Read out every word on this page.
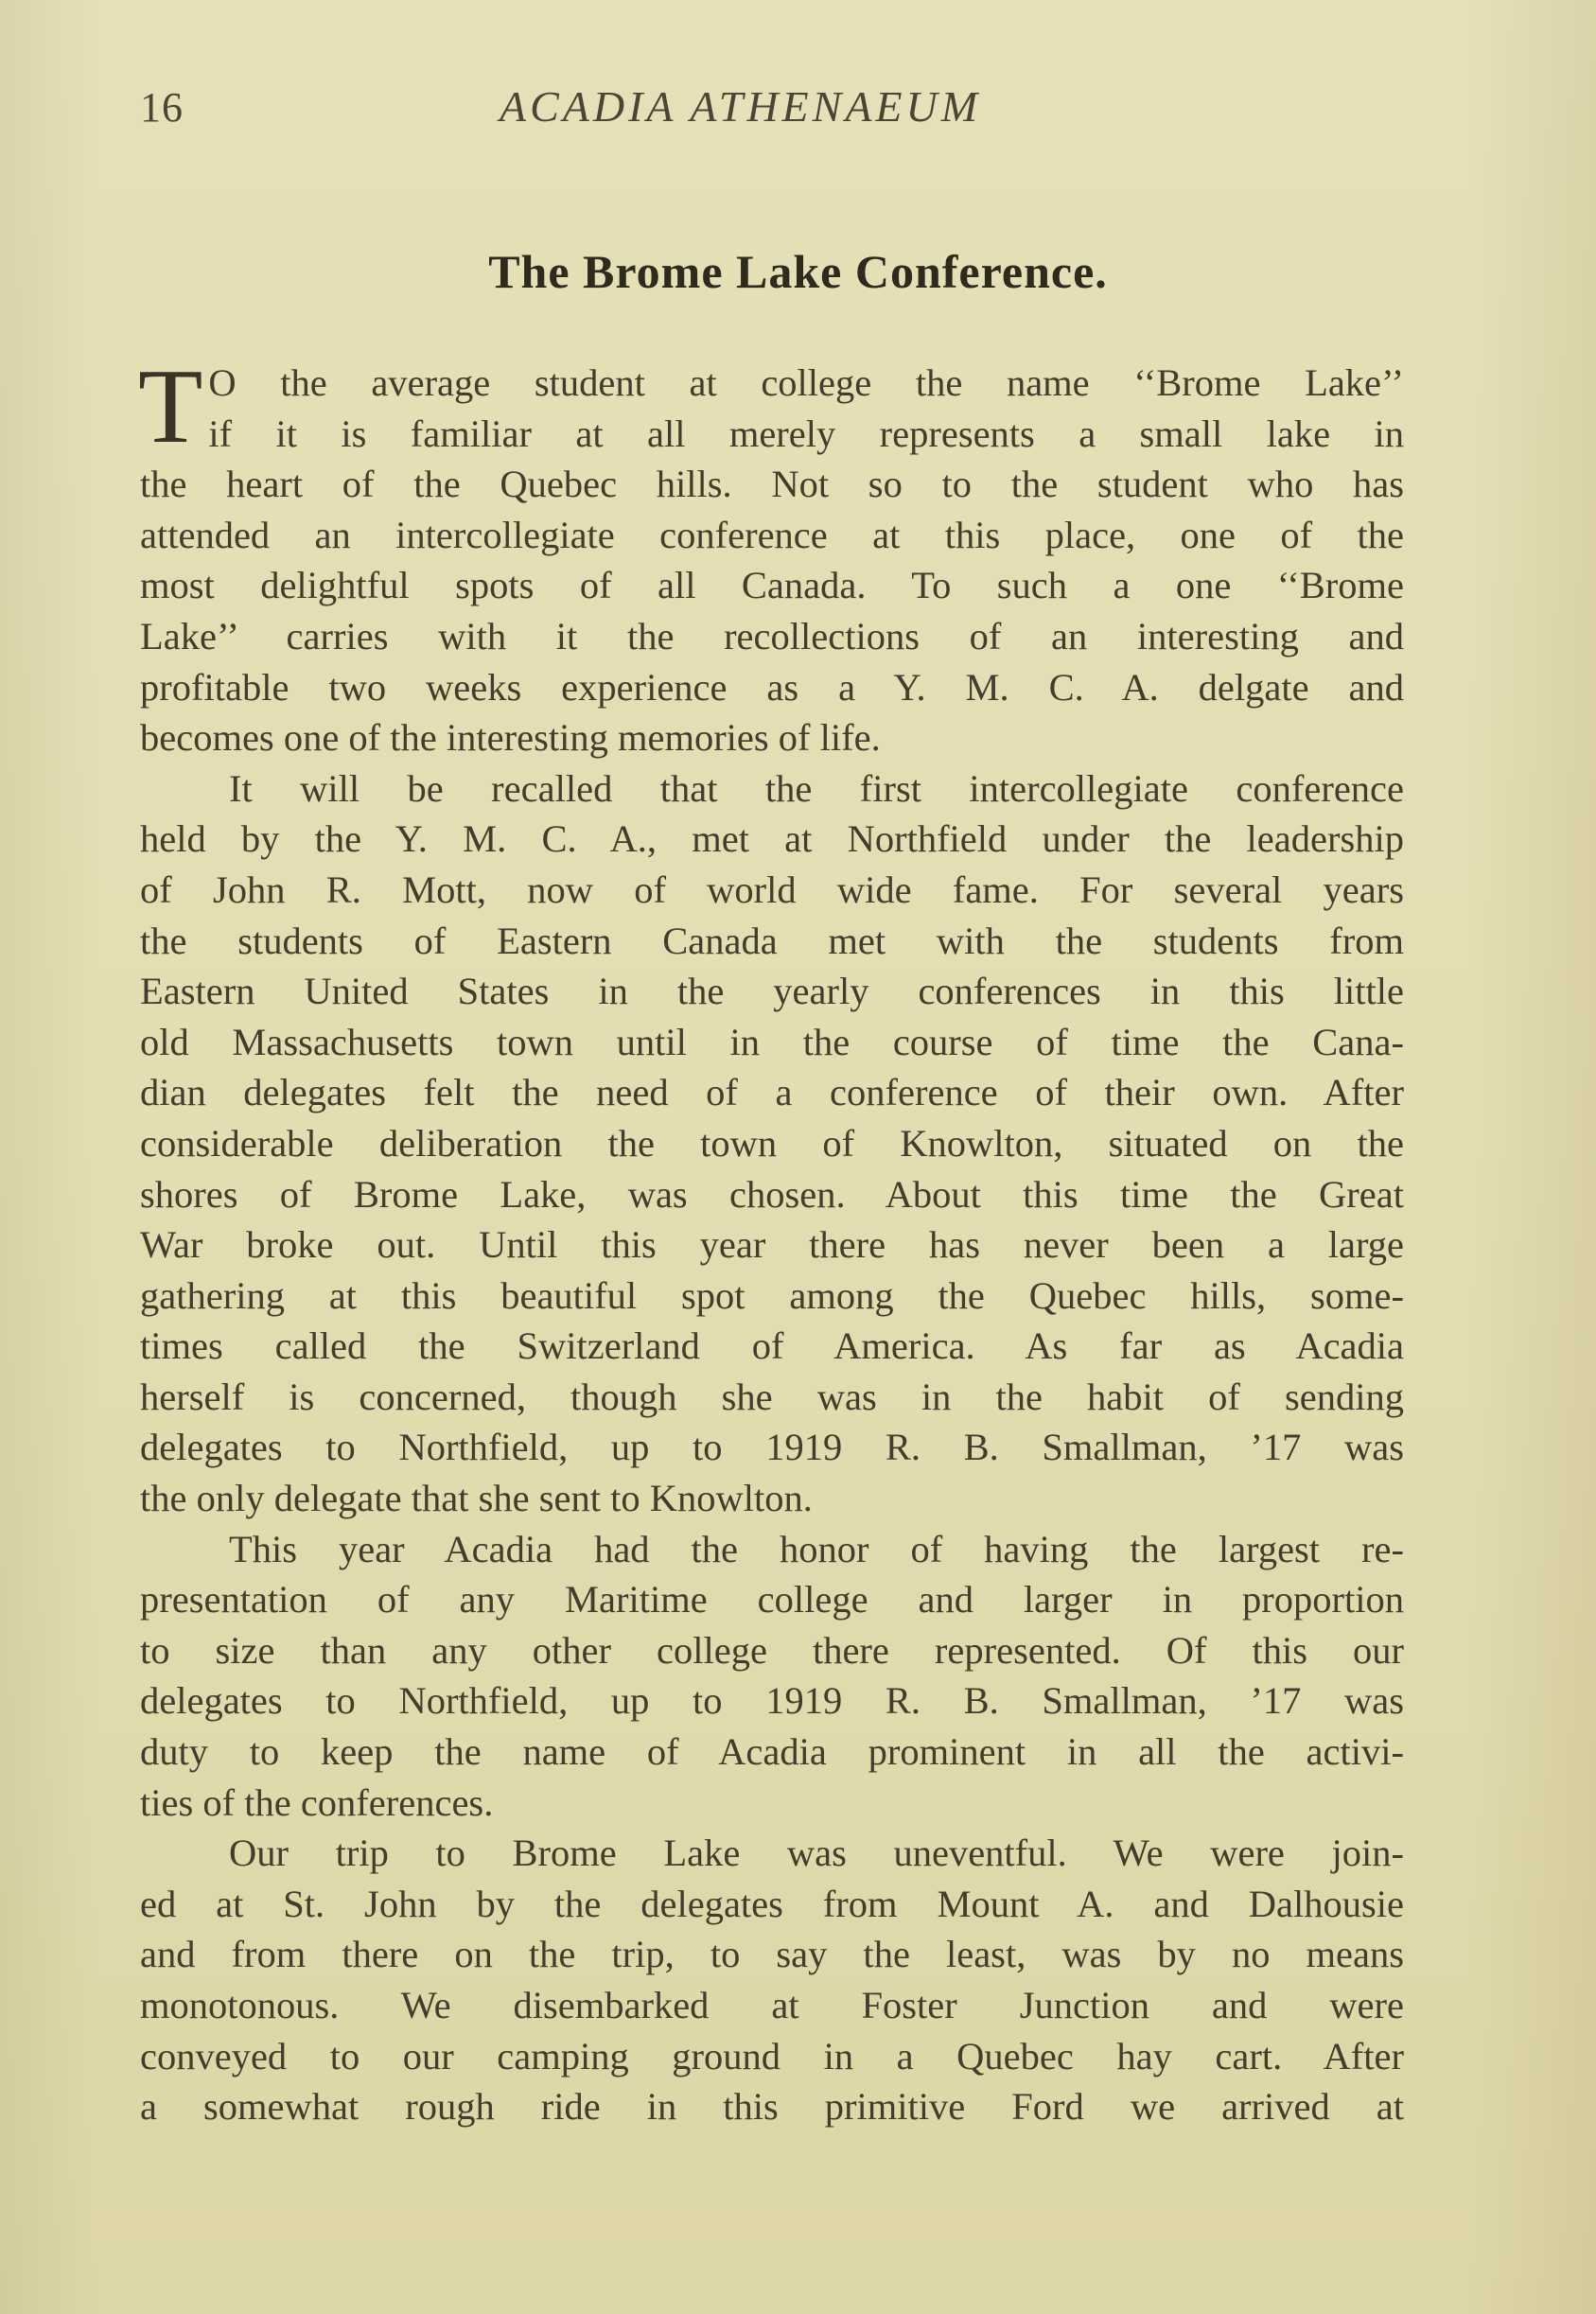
16	ACADIA ATHENAEUM
The Brome Lake Conference.
T O the average student at college the name ‘‘Brome Lake’’
if it is familiar at all merely represents a small lake in
the heart of the Quebec hills. Not so to the student who has
attended an intercollegiate conference at this place, one of the
most delightful spots of all Canada. To such a one ‘‘Brome
Lake’’ carries with it the recollections of an interesting and
profitable two weeks experience as a Y. M. C. A. delgate and
becomes one of the interesting memories of life.
It will be recalled that the first intercollegiate conference
held by the Y. M. C. A., met at Northfield under the leadership
of John R. Mott, now of world wide fame. For several years
the students of Eastern Canada met with the students from
Eastern United States in the yearly conferences in this little
old Massachusetts town until in the course of time the Cana-
dian delegates felt the need of a conference of their own. After
considerable deliberation the town of Knowlton, situated on the
shores of Brome Lake, was chosen. About this time the Great
War broke out. Until this year there has never been a large
gathering at this beautiful spot among the Quebec hills, some-
times called the Switzerland of America. As far as Acadia
herself is concerned, though she was in the habit of sending
delegates to Northfield, up to 1919 R. B. Smallman, ’17 was
the only delegate that she sent to Knowlton.
This year Acadia had the honor of having the largest re-
presentation of any Maritime college and larger in proportion
to size than any other college there represented. Of this our
delegates to Northfield, up to 1919 R. B. Smallman, ’17 was
duty to keep the name of Acadia prominent in all the activi-
ties of the conferences.
Our trip to Brome Lake was uneventful. We were join-
ed at St. John by the delegates from Mount A. and Dalhousie
and from there on the trip, to say the least, was by no means
monotonous. We disembarked at Foster Junction and were
conveyed to our camping ground in a Quebec hay cart. After
a somewhat rough ride in this primitive Ford we arrived at
